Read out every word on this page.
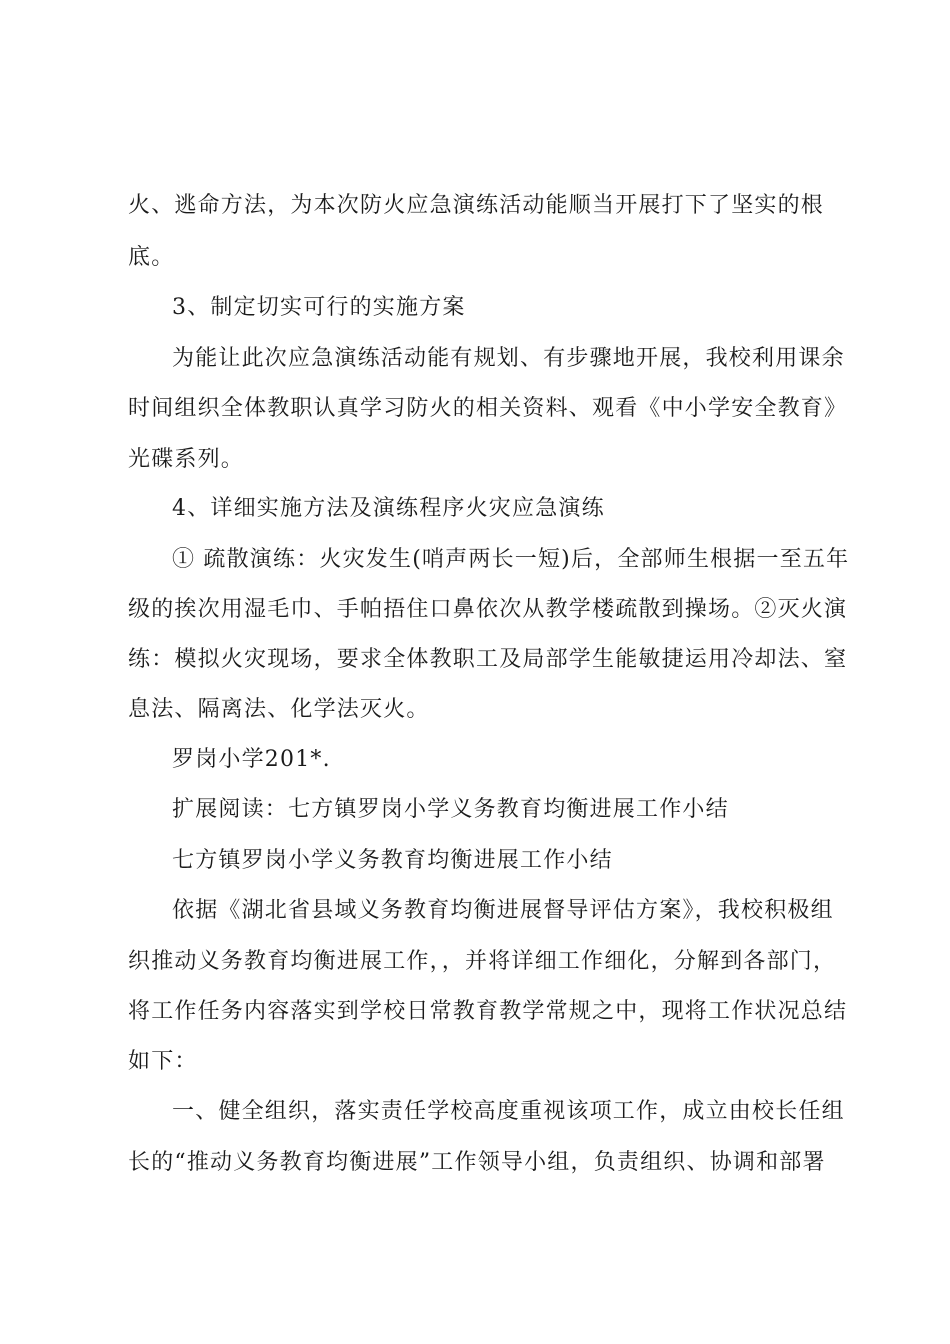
火、逃命方法，为本次防火应急演练活动能顺当开展打下了坚实的根
底。
3、制定切实可行的实施方案
为能让此次应急演练活动能有规划、有步骤地开展，我校利用课余
时间组织全体教职认真学习防火的相关资料、观看《中小学安全教育》
光碟系列。
4、详细实施方法及演练程序火灾应急演练
① 疏散演练：火灾发生(哨声两长一短)后，全部师生根据一至五年
级的挨次用湿毛巾、手帕捂住口鼻依次从教学楼疏散到操场。②灭火演
练：模拟火灾现场，要求全体教职工及局部学生能敏捷运用冷却法、窒
息法、隔离法、化学法灭火。
罗岗小学201*.
扩展阅读：七方镇罗岗小学义务教育均衡进展工作小结
七方镇罗岗小学义务教育均衡进展工作小结
依据《湖北省县域义务教育均衡进展督导评估方案》，我校积极组
织推动义务教育均衡进展工作，，并将详细工作细化，分解到各部门，
将工作任务内容落实到学校日常教育教学常规之中，现将工作状况总结
如下：
一、健全组织，落实责任学校高度重视该项工作，成立由校长任组
长的“推动义务教育均衡进展”工作领导小组，负责组织、协调和部署
